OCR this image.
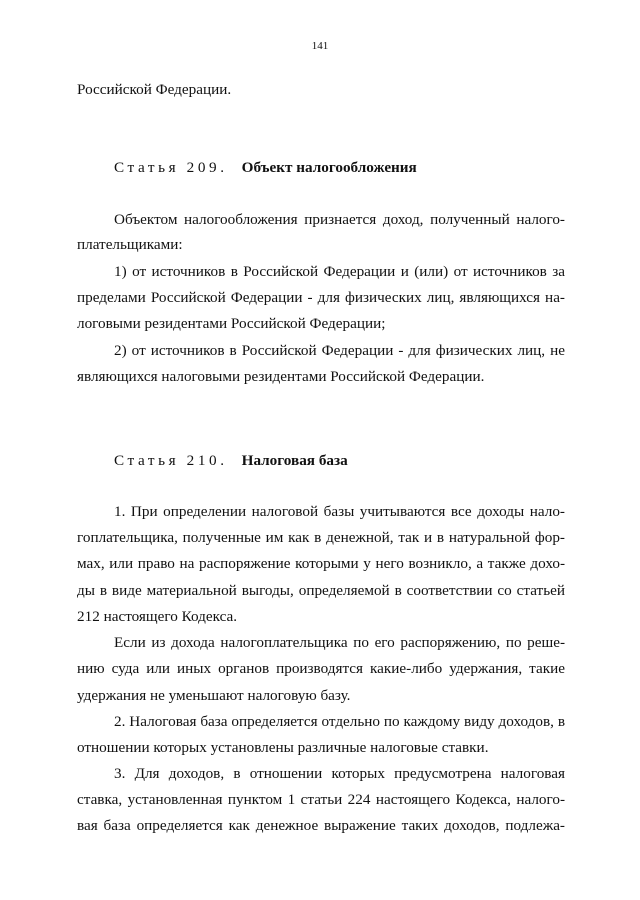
141
Российской Федерации.
Статья 209. Объект налогообложения
Объектом налогообложения признается доход, полученный налого-
плательщиками:
1) от источников в Российской Федерации и (или) от источников за
пределами Российской Федерации - для физических лиц, являющихся на-
логовыми резидентами Российской Федерации;
2) от источников в Российской Федерации - для физических лиц, не
являющихся налоговыми резидентами Российской Федерации.
Статья 210. Налоговая база
1. При определении налоговой базы учитываются все доходы нало-
гоплательщика, полученные им как в денежной, так и в натуральной фор-
мах, или право на распоряжение которыми у него возникло, а также дохо-
ды в виде материальной выгоды, определяемой в соответствии со статьей
212 настоящего Кодекса.
Если из дохода налогоплательщика по его распоряжению, по реше-
нию суда или иных органов производятся какие-либо удержания, такие
удержания не уменьшают налоговую базу.
2. Налоговая база определяется отдельно по каждому виду доходов, в
отношении которых установлены различные налоговые ставки.
3. Для доходов, в отношении которых предусмотрена налоговая
ставка, установленная пунктом 1 статьи 224 настоящего Кодекса, налого-
вая база определяется как денежное выражение таких доходов, подлежа-
